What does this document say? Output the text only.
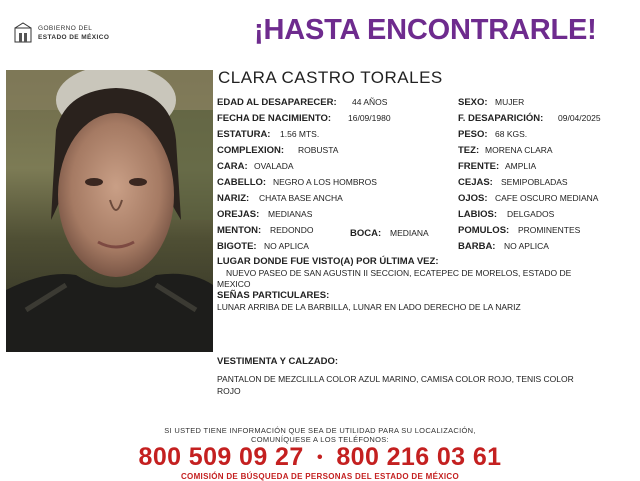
GOBIERNO DEL
ESTADO DE MÉXICO	¡HASTA ENCONTRARLE!
CLARA CASTRO TORALES
EDAD AL DESAPARECER: 44 AÑOS
FECHA DE NACIMIENTO: 16/09/1980
ESTATURA: 1.56 MTS.
COMPLEXION: ROBUSTA
CARA: OVALADA
CABELLO: NEGRO A LOS HOMBROS
NARIZ: CHATA BASE ANCHA
OREJAS: MEDIANAS
MENTON: REDONDO	BOCA: MEDIANA
BIGOTE: NO APLICA
SEXO: MUJER
F. DESAPARICIÓN: 09/04/2025
PESO: 68 KGS.
TEZ: MORENA CLARA
FRENTE: AMPLIA
CEJAS: SEMIPOBLADAS
OJOS: CAFE OSCURO MEDIANA
LABIOS: DELGADOS
POMULOS: PROMINENTES
BARBA: NO APLICA
LUGAR DONDE FUE VISTO(A) POR ÚLTIMA VEZ:
NUEVO PASEO DE SAN AGUSTIN II SECCION, ECATEPEC DE MORELOS, ESTADO DE
MEXICO
SEÑAS PARTICULARES:
LUNAR ARRIBA DE LA BARBILLA, LUNAR EN LADO DERECHO DE LA NARIZ
VESTIMENTA Y CALZADO:
PANTALON DE MEZCLILLA COLOR AZUL MARINO, CAMISA COLOR ROJO, TENIS COLOR
ROJO
SI USTED TIENE INFORMACIÓN QUE SEA DE UTILIDAD PARA SU LOCALIZACIÓN,
COMUNÍQUESE A LOS TELÉFONOS:
800 509 09 27 • 800 216 03 61
COMISIÓN DE BÚSQUEDA DE PERSONAS DEL ESTADO DE MÉXICO
